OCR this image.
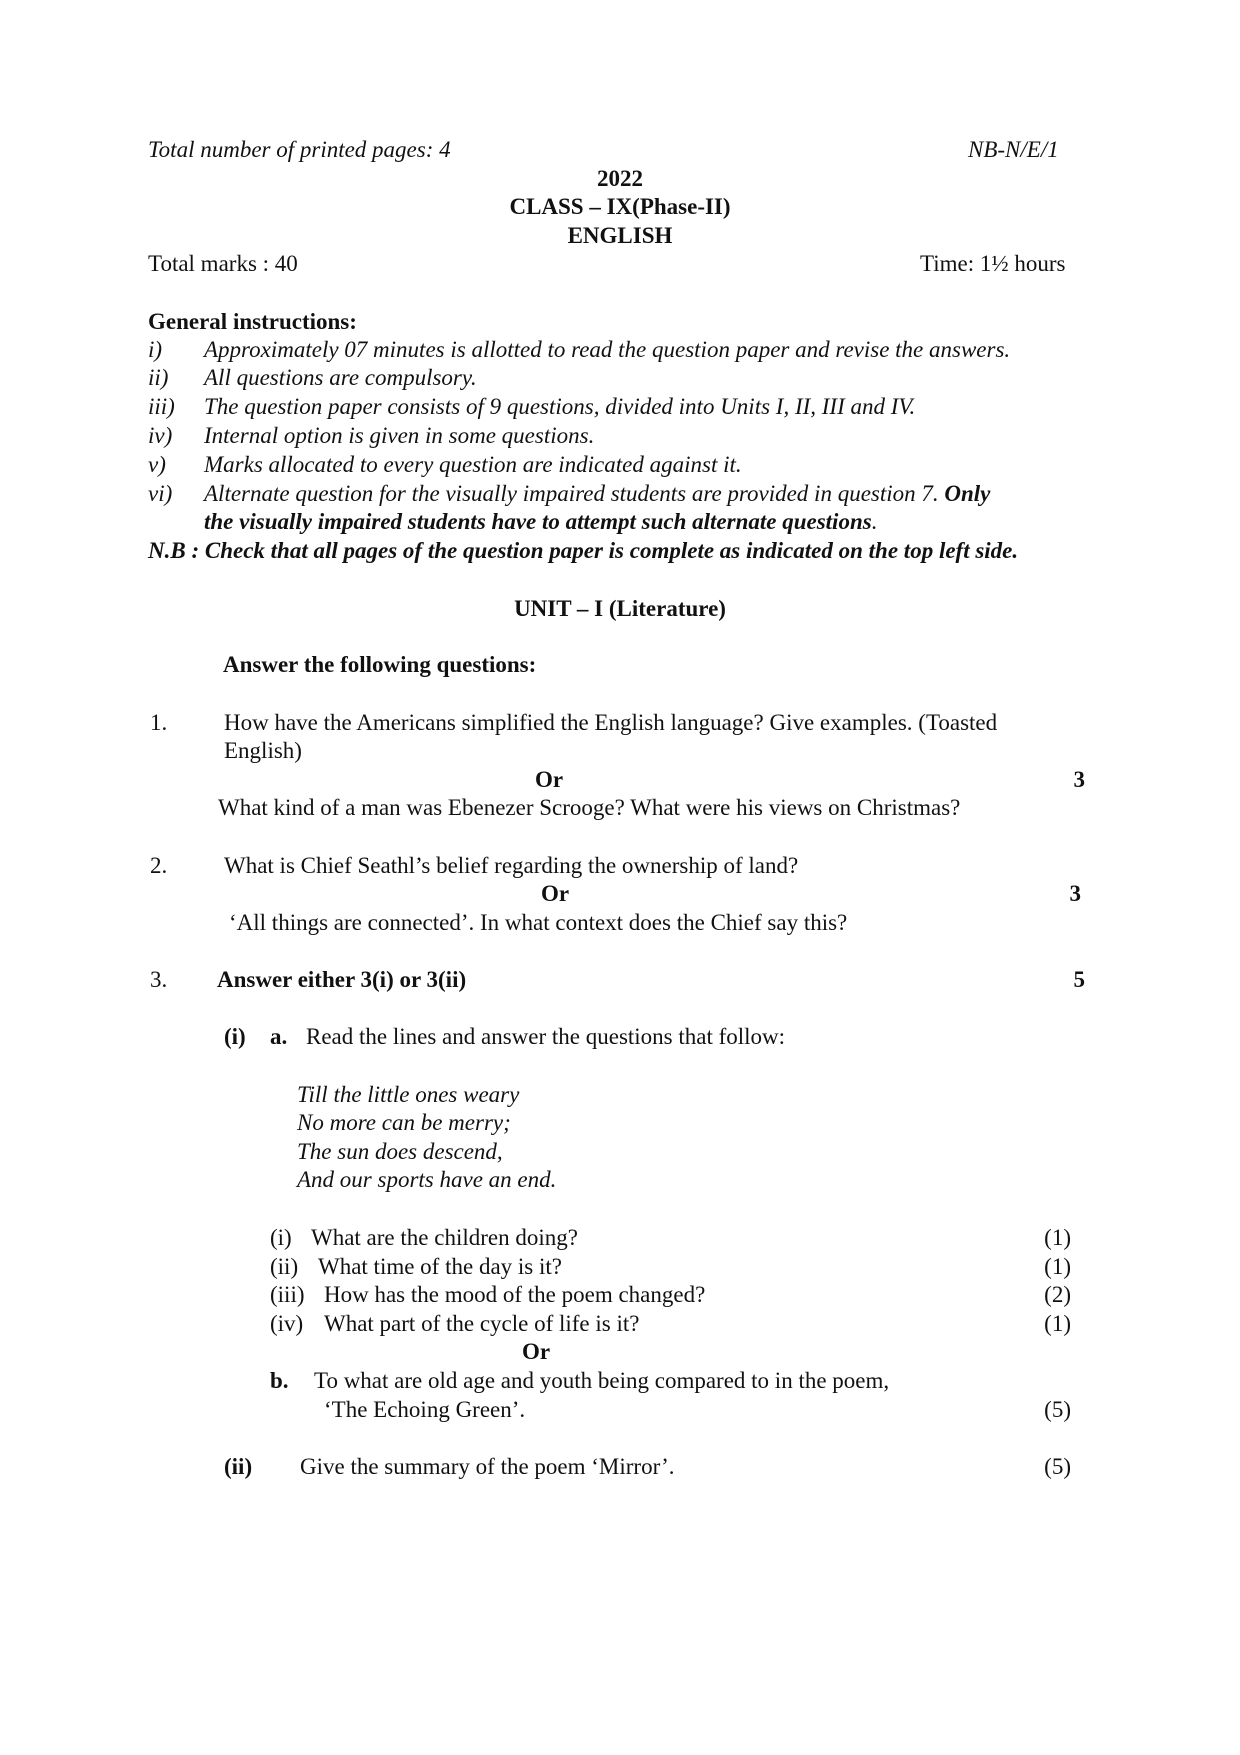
Total number of printed pages: 4	NB-N/E/1
2022
CLASS – IX(Phase-II)
ENGLISH
Total marks : 40	Time: 1½ hours
General instructions:
i) Approximately 07 minutes is allotted to read the question paper and revise the answers.
ii) All questions are compulsory.
iii) The question paper consists of 9 questions, divided into Units I, II, III and IV.
iv) Internal option is given in some questions.
v) Marks allocated to every question are indicated against it.
vi) Alternate question for the visually impaired students are provided in question 7. Only
the visually impaired students have to attempt such alternate questions.
N.B : Check that all pages of the question paper is complete as indicated on the top left side.
UNIT – I (Literature)
Answer the following questions:
1. How have the Americans simplified the English language? Give examples. (Toasted
English)
Or	3
What kind of a man was Ebenezer Scrooge? What were his views on Christmas?
2. What is Chief Seathl’s belief regarding the ownership of land?
Or	3
‘All things are connected’. In what context does the Chief say this?
3. Answer either 3(i) or 3(ii)	5
(i) a. Read the lines and answer the questions that follow:
Till the little ones weary
No more can be merry;
The sun does descend,
And our sports have an end.
(i) What are the children doing?	(1)
(ii) What time of the day is it?	(1)
(iii) How has the mood of the poem changed?	(2)
(iv) What part of the cycle of life is it?	(1)
Or
b. To what are old age and youth being compared to in the poem,
‘The Echoing Green’.	(5)
(ii) Give the summary of the poem ‘Mirror’.	(5)
